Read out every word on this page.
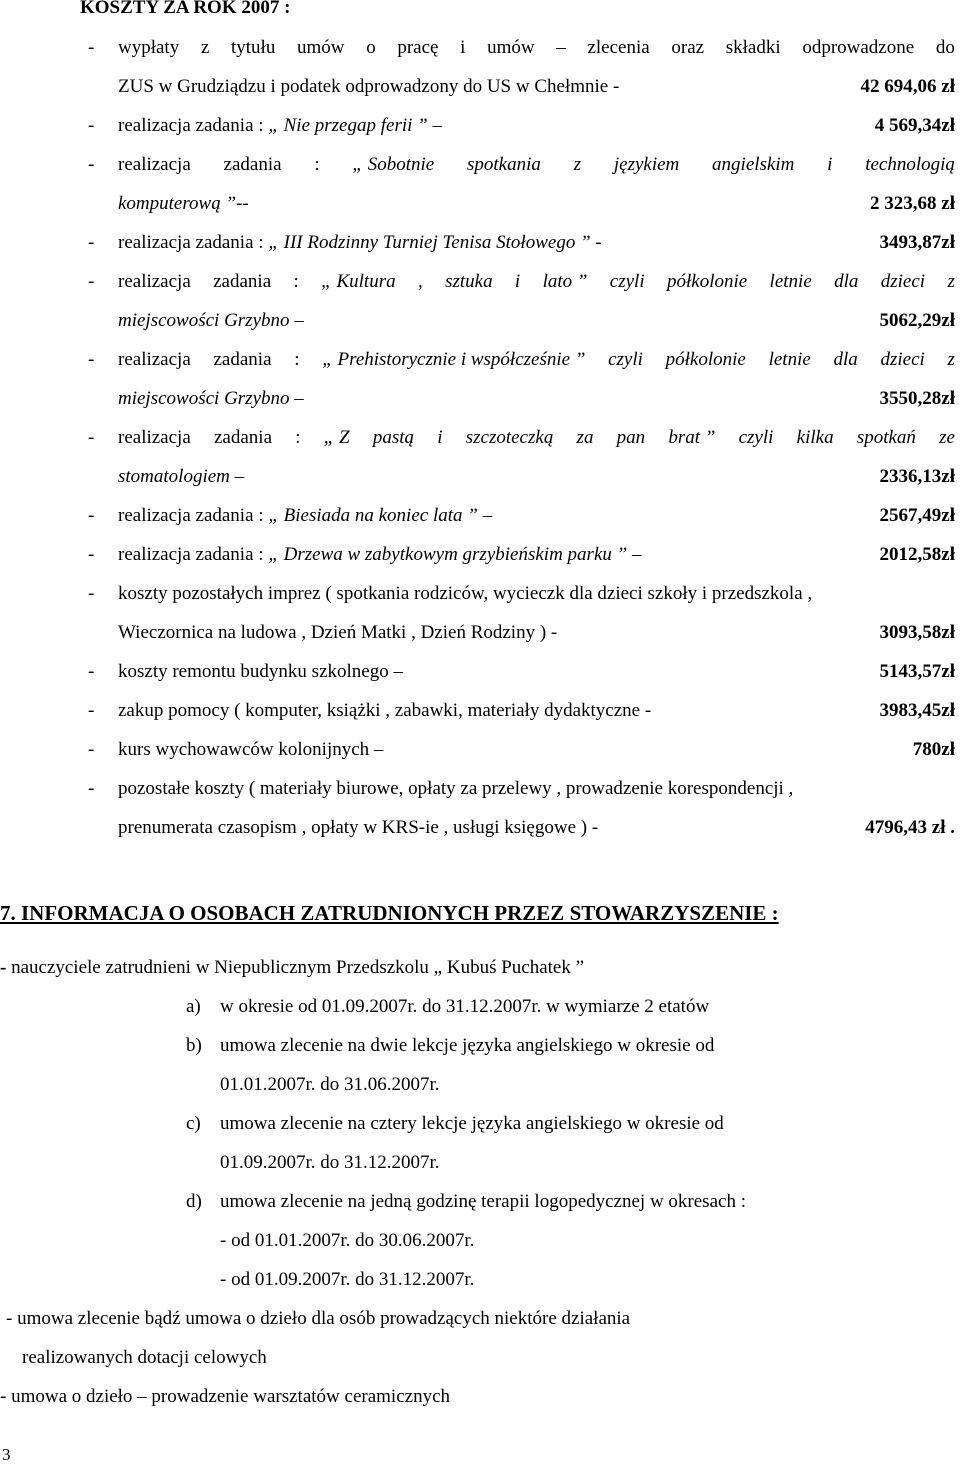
KOSZTY ZA ROK 2007 :
- wypłaty z tytułu umów o pracę i umów – zlecenia oraz składki odprowadzone do
ZUS w Grudziądzu i podatek odprowadzony do US w Chełmnie -	42 694,06 zł
- realizacja zadania : „ Nie przegap ferii ” –	4 569,34zł
- realizacja zadania : „ Sobotnie spotkania z językiem angielskim i technologią
komputerową ”--	2 323,68 zł
- realizacja zadania : „ III Rodzinny Turniej Tenisa Stołowego ” -	3493,87zł
- realizacja zadania : „ Kultura , sztuka i lato ” czyli półkolonie letnie dla dzieci z
miejscowości Grzybno –	5062,29zł
- realizacja zadania : „ Prehistorycznie i współcześnie ” czyli półkolonie letnie dla dzieci z
miejscowości Grzybno –	3550,28zł
- realizacja zadania : „ Z pastą i szczoteczką za pan brat ” czyli kilka spotkań ze
stomatologiem –	2336,13zł
- realizacja zadania : „ Biesiada na koniec lata ” –	2567,49zł
- realizacja zadania : „ Drzewa w zabytkowym grzybieńskim parku ” –	2012,58zł
- koszty pozostałych imprez ( spotkania rodziców, wycieczk dla dzieci szkoły i przedszkola ,
Wieczornica na ludowa , Dzień Matki , Dzień Rodziny ) -	3093,58zł
- koszty remontu budynku szkolnego –	5143,57zł
- zakup pomocy ( komputer, książki , zabawki, materiały dydaktyczne -	3983,45zł
- kurs wychowawców kolonijnych –	780zł
- pozostałe koszty ( materiały biurowe, opłaty za przelewy , prowadzenie korespondencji ,
prenumerata czasopism , opłaty w KRS-ie , usługi księgowe ) -	4796,43 zł .
7. INFORMACJA O OSOBACH ZATRUDNIONYCH PRZEZ STOWARZYSZENIE :
- nauczyciele zatrudnieni w Niepublicznym Przedszkolu „ Kubuś Puchatek ”
a) w okresie od 01.09.2007r. do 31.12.2007r. w wymiarze 2 etatów
b) umowa zlecenie na dwie lekcje języka angielskiego w okresie od
01.01.2007r. do 31.06.2007r.
c) umowa zlecenie na cztery lekcje języka angielskiego w okresie od
01.09.2007r. do 31.12.2007r.
d) umowa zlecenie na jedną godzinę terapii logopedycznej w okresach :
- od 01.01.2007r. do 30.06.2007r.
- od 01.09.2007r. do 31.12.2007r.
- umowa zlecenie bądź umowa o dzieło dla osób prowadzących niektóre działania
realizowanych dotacji celowych
- umowa o dzieło – prowadzenie warsztatów ceramicznych
3
